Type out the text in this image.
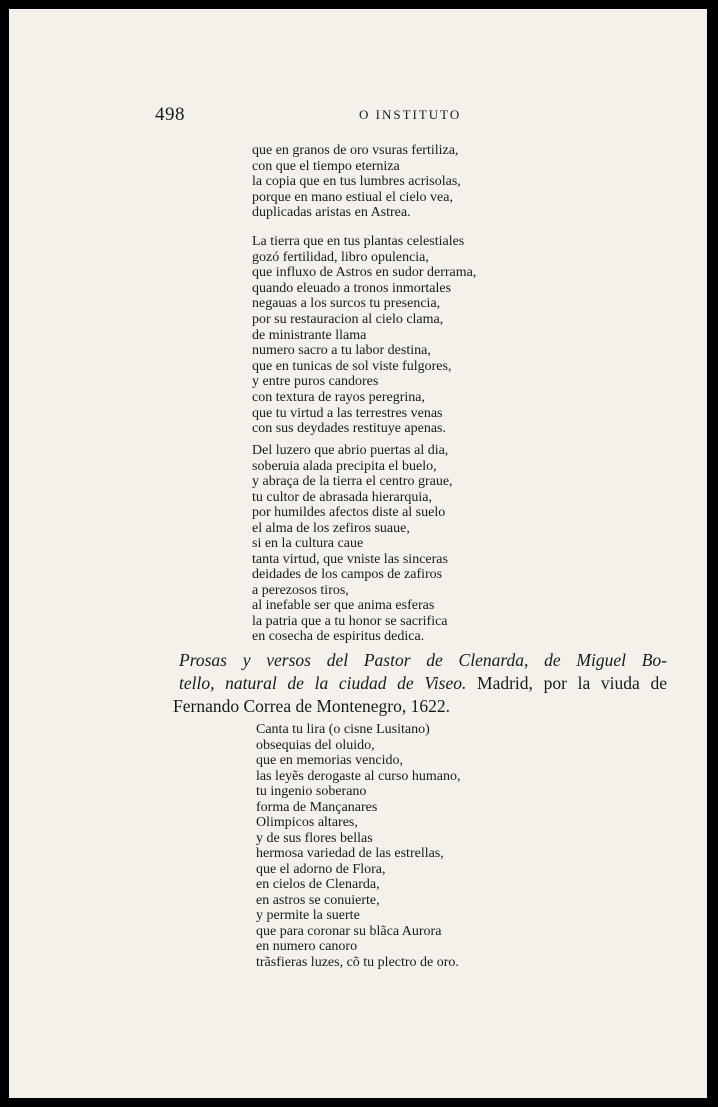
498	O INSTITUTO
que en granos de oro vsuras fertiliza,
con que el tiempo eterniza
la copia que en tus lumbres acrisolas,
porque en mano estiual el cielo vea,
duplicadas aristas en Astrea.
La tierra que en tus plantas celestiales
gozó fertilidad, libro opulencia,
que influxo de Astros en sudor derrama,
quando eleuado a tronos inmortales
negauas a los surcos tu presencia,
por su restauracion al cielo clama,
de ministrante llama
numero sacro a tu labor destina,
que en tunicas de sol viste fulgores,
y entre puros candores
con textura de rayos peregrina,
que tu virtud a las terrestres venas
con sus deydades restituye apenas.
Del luzero que abrio puertas al dia,
soberuia alada precipita el buelo,
y abraça de la tierra el centro graue,
tu cultor de abrasada hierarquia,
por humildes afectos diste al suelo
el alma de los zefiros suaue,
si en la cultura caue
tanta virtud, que vniste las sinceras
deidades de los campos de zafiros
a perezosos tiros,
al inefable ser que anima esferas
la patria que a tu honor se sacrifica
en cosecha de espiritus dedica.

Prosas y versos del Pastor de Clenarda, de Miguel Bo-
tello, natural de la ciudad de Viseo. Madrid, por la viuda de
Fernando Correa de Montenegro, 1622.

Canta tu lira (o cisne Lusitano)
obsequias del oluido,
que en memorias vencido,
las leyẽs derogaste al curso humano,
tu ingenio soberano
forma de Mançanares
Olimpicos altares,
y de sus flores bellas
hermosa variedad de las estrellas,
que el adorno de Flora,
en cielos de Clenarda,
en astros se conuierte,
y permite la suerte
que para coronar su blãca Aurora
en numero canoro
trãsfieras luzes, cõ tu plectro de oro.
